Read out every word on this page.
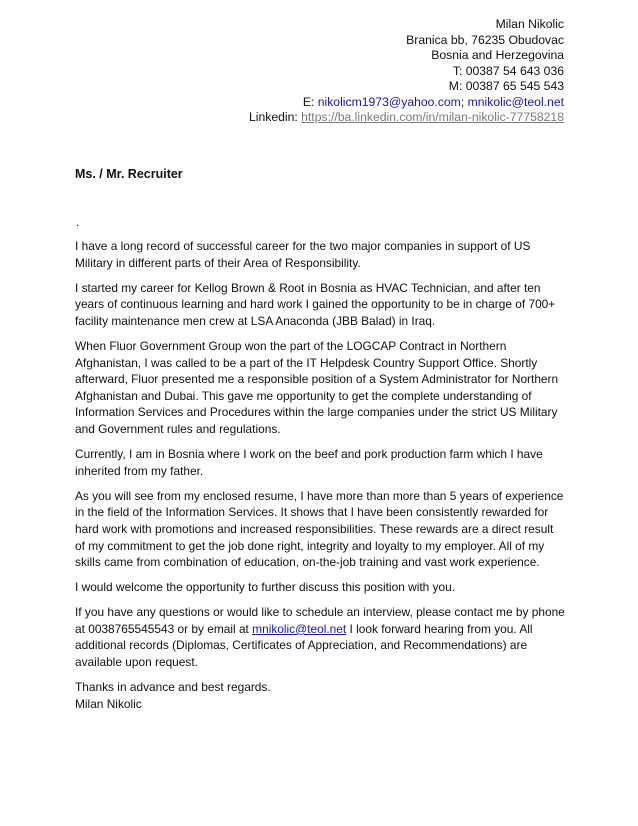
Milan Nikolic
Branica bb, 76235 Obudovac
Bosnia and Herzegovina
T: 00387 54 643 036
M: 00387 65 545 543
E: nikolicm1973@yahoo.com; mnikolic@teol.net
Linkedin: https://ba.linkedin.com/in/milan-nikolic-77758218
Ms. / Mr. Recruiter
.

I have a long record of successful career for the two major companies in support of US Military in different parts of their Area of Responsibility.

I started my career for Kellog Brown & Root in Bosnia as HVAC Technician, and after ten years of continuous learning and hard work I gained the opportunity to be in charge of 700+ facility maintenance men crew at LSA Anaconda (JBB Balad) in Iraq.

When Fluor Government Group won the part of the LOGCAP Contract in Northern Afghanistan, I was called to be a part of the IT Helpdesk Country Support Office. Shortly afterward, Fluor presented me a responsible position of a System Administrator for Northern Afghanistan and Dubai. This gave me opportunity to get the complete understanding of Information Services and Procedures within the large companies under the strict US Military and Government rules and regulations.

Currently, I am in Bosnia where I work on the beef and pork production farm which I have inherited from my father.

As you will see from my enclosed resume, I have more than more than 5 years of experience in the field of the Information Services. It shows that I have been consistently rewarded for hard work with promotions and increased responsibilities. These rewards are a direct result of my commitment to get the job done right, integrity and loyalty to my employer. All of my skills came from combination of education, on-the-job training and vast work experience.

I would welcome the opportunity to further discuss this position with you.

If you have any questions or would like to schedule an interview, please contact me by phone at 0038765545543 or by email at mnikolic@teol.net I look forward hearing from you. All additional records (Diplomas, Certificates of Appreciation, and Recommendations) are available upon request.

Thanks in advance and best regards.
Milan Nikolic
